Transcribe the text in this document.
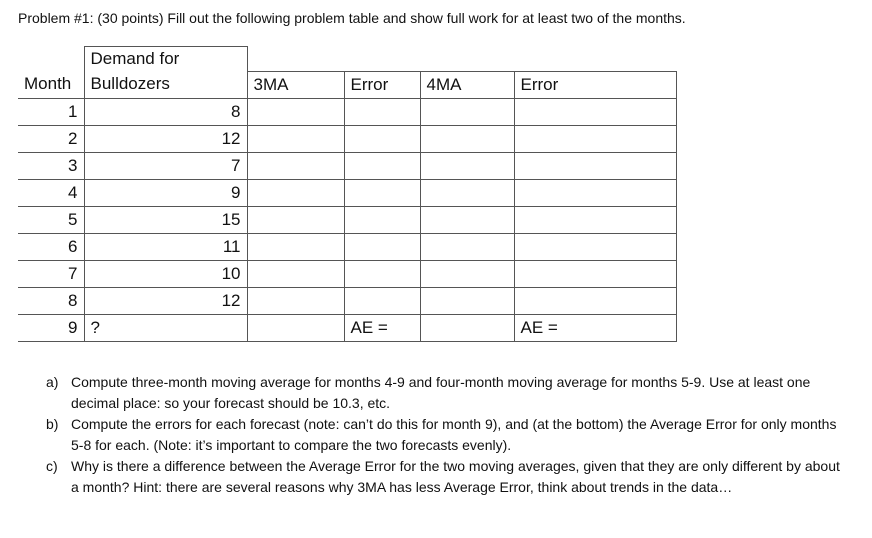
Problem #1: (30 points) Fill out the following problem table and show full work for at least two of the months.

	Demand for				
Month	Bulldozers	3MA	Error	4MA	Error
1	8				
2	12				
3	7				
4	9				
5	15				
6	11				
7	10				
8	12				
9	?		AE =		AE =
a) Compute three-month moving average for months 4-9 and four-month moving average for months 5-9. Use at least one decimal place: so your forecast should be 10.3, etc.
b) Compute the errors for each forecast (note: can’t do this for month 9), and (at the bottom) the Average Error for only months 5-8 for each. (Note: it’s important to compare the two forecasts evenly).
c) Why is there a difference between the Average Error for the two moving averages, given that they are only different by about a month? Hint: there are several reasons why 3MA has less Average Error, think about trends in the data…
